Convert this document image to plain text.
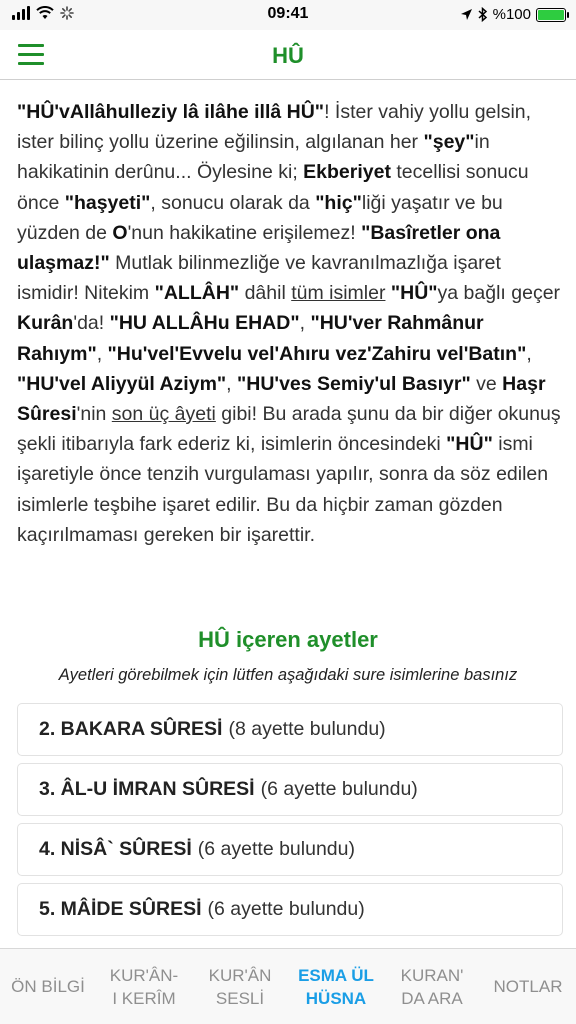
09:41	%100
HÛ

"HÛ'vAllâhulleziy lâ ilâhe illâ HÛ"! İster vahiy yollu gelsin, ister bilinç yollu üzerine eğilinsin, algılanan her "şey"in hakikatinin derûnu... Öylesine ki; Ekberiyet tecellisi sonucu önce "haşyeti", sonucu olarak da "hiç"liği yaşatır ve bu yüzden de O'nun hakikatine erişilemez! "Basîretler ona ulaşmaz!" Mutlak bilinmezliğe ve kavranılmazlığa işaret ismidir! Nitekim "ALLÂH" dâhil tüm isimler "HÛ"ya bağlı geçer Kurân'da! "HU ALLÂHu EHAD", "HU'ver Rahmânur Rahıym", "Hu'vel'Evvelu vel'Ahıru vez'Zahiru vel'Batın", "HU'vel Aliyyül Aziym", "HU'ves Semiy'ul Basıyr" ve Haşr Sûresi'nin son üç âyeti gibi! Bu arada şunu da bir diğer okunuş şekli itibarıyla fark ederiz ki, isimlerin öncesindeki "HÛ" ismi işaretiyle önce tenzih vurgulaması yapılır, sonra da söz edilen isimlerle teşbihe işaret edilir. Bu da hiçbir zaman gözden kaçırılmaması gereken bir işarettir.

HÛ içeren ayetler
Ayetleri görebilmek için lütfen aşağıdaki sure isimlerine basınız
2. BAKARA SÛRESİ (8 ayette bulundu)
3. ÂL-U İMRAN SÛRESİ (6 ayette bulundu)
4. NİSÂ` SÛRESİ (6 ayette bulundu)
5. MÂİDE SÛRESİ (6 ayette bulundu)
ÖN BİLGİ
KUR'ÂN-
I KERÎM
KUR'ÂN
SESLİ
ESMA ÜL
HÜSNA
KURAN'
DA ARA
NOTLAR
